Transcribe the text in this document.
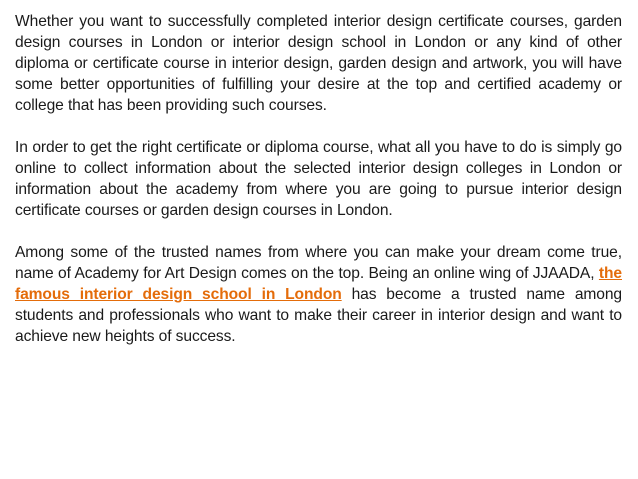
Whether you want to successfully completed interior design certificate courses, garden design courses in London or interior design school in London or any kind of other diploma or certificate course in interior design, garden design and artwork, you will have some better opportunities of fulfilling your desire at the top and certified academy or college that has been providing such courses.

In order to get the right certificate or diploma course, what all you have to do is simply go online to collect information about the selected interior design colleges in London or information about the academy from where you are going to pursue interior design certificate courses or garden design courses in London.

Among some of the trusted names from where you can make your dream come true, name of Academy for Art Design comes on the top. Being an online wing of JJAADA, the famous interior design school in London has become a trusted name among students and professionals who want to make their career in interior design and want to achieve new heights of success.
